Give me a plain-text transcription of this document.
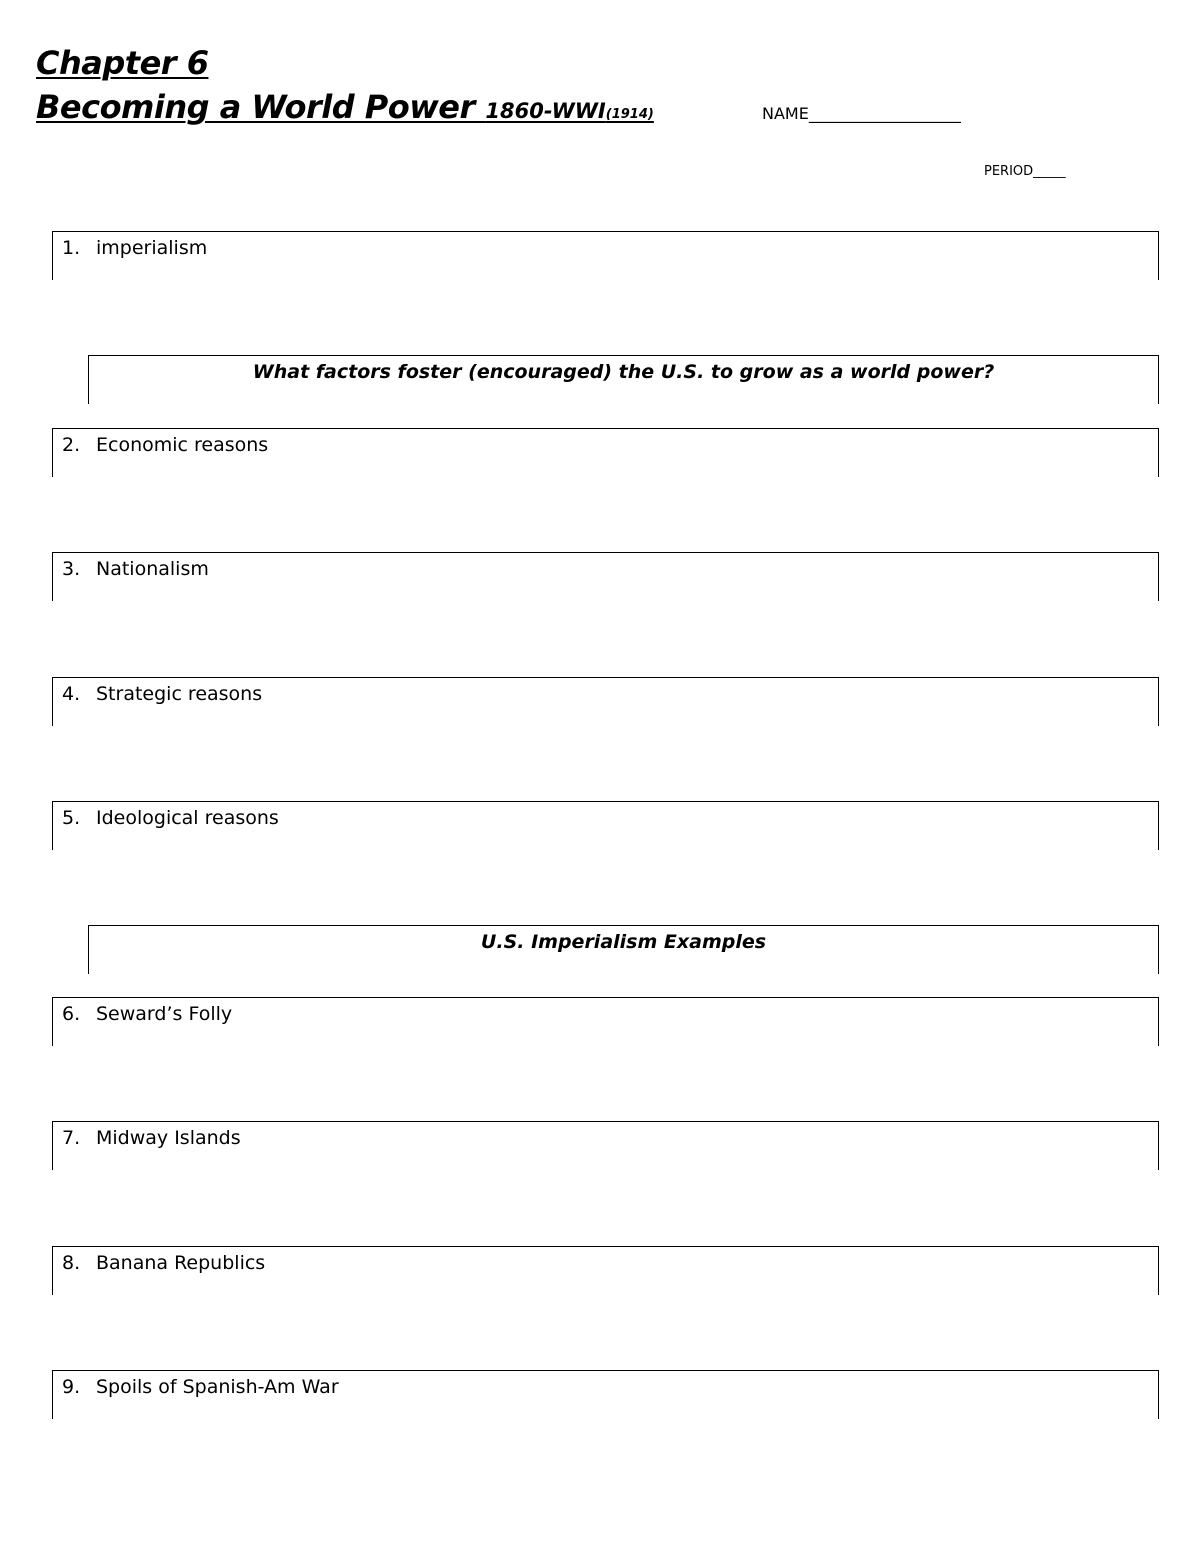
Chapter 6
Becoming a World Power 1860-WWI(1914)	NAME___________________
PERIOD_____
1. imperialism
What factors foster (encouraged) the U.S. to grow as a world power?
2. Economic reasons
3. Nationalism
4. Strategic reasons
5. Ideological reasons
U.S. Imperialism Examples
6. Seward’s Folly
7. Midway Islands
8. Banana Republics
9. Spoils of Spanish-Am War
